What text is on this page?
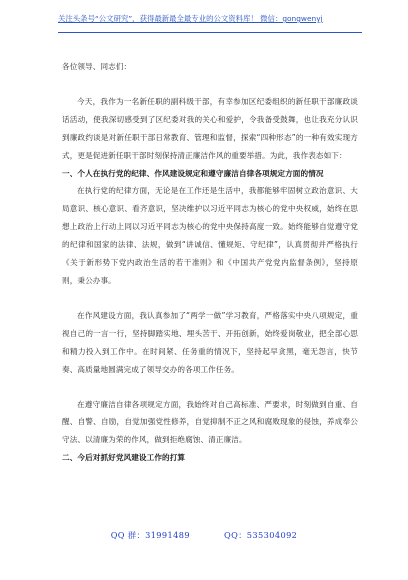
关注头条号“公文研究”，获得最新最全最专业的公文资料库！ 微信：gongwenyj

各位领导、同志们：

今天，我作为一名新任职的副科级干部，有幸参加区纪委组织的新任职干部廉政谈话活动，使我深切感受到了区纪委对我的关心和爱护，令我备受鼓舞，也让我充分认识到廉政约谈是对新任职干部日常教育、管理和监督，探索“四种形态”的一种有效实现方式，更是促进新任职干部时刻保持清正廉洁作风的重要举措。为此，我作表态如下：

一、个人在执行党的纪律、作风建设规定和遵守廉洁自律各项规定方面的情况

在执行党的纪律方面，无论是在工作还是生活中，我都能够牢固树立政治意识、大局意识、核心意识、看齐意识，坚决维护以习近平同志为核心的党中央权威，始终在思想上政治上行动上同以习近平同志为核心的党中央保持高度一致。始终能够自觉遵守党的纪律和国家的法律、法规，做到“讲诚信、懂规矩、守纪律”，认真贯彻并严格执行《关于新形势下党内政治生活的若干准则》和《中国共产党党内监督条例》，坚持原则，秉公办事。

在作风建设方面，我认真参加了“两学一做”学习教育，严格落实中央八项规定，重视自己的一言一行，坚持脚踏实地、埋头苦干、开拓创新，始终爱岗敬业，把全部心思和精力投入到工作中。在时间紧、任务重的情况下，坚持起早贪黑，毫无怨言，快节奏、高质量地圆满完成了领导交办的各项工作任务。

在遵守廉洁自律各项规定方面，我始终对自己高标准、严要求，时刻做到自重、自醒、自警、自励，自觉加强党性修养，自觉抑制不正之风和腐败现象的侵蚀，养成奉公守法、以清廉为荣的作风，做到拒绝腐蚀、清正廉洁。

二、今后对抓好党风建设工作的打算

QQ 群：31991489	QQ：535304092
